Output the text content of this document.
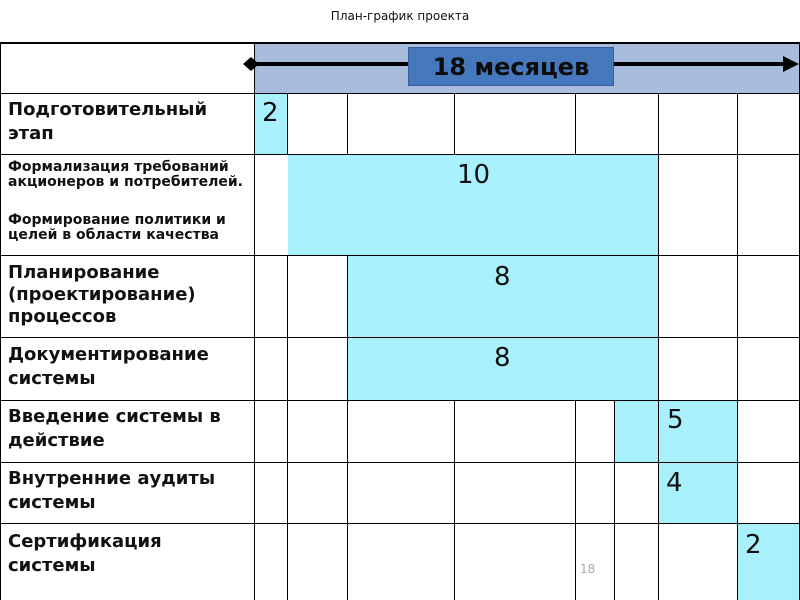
План-график проекта
18 месяцев
Подготовительный этап
Формализация требований акционеров и потребителей.
Формирование политики и целей в области качества
Планирование (проектирование) процессов
Документирование системы
Введение системы в действие
Внутренние аудиты системы
Сертификация системы
2
10
8
8
5
4
2
18
